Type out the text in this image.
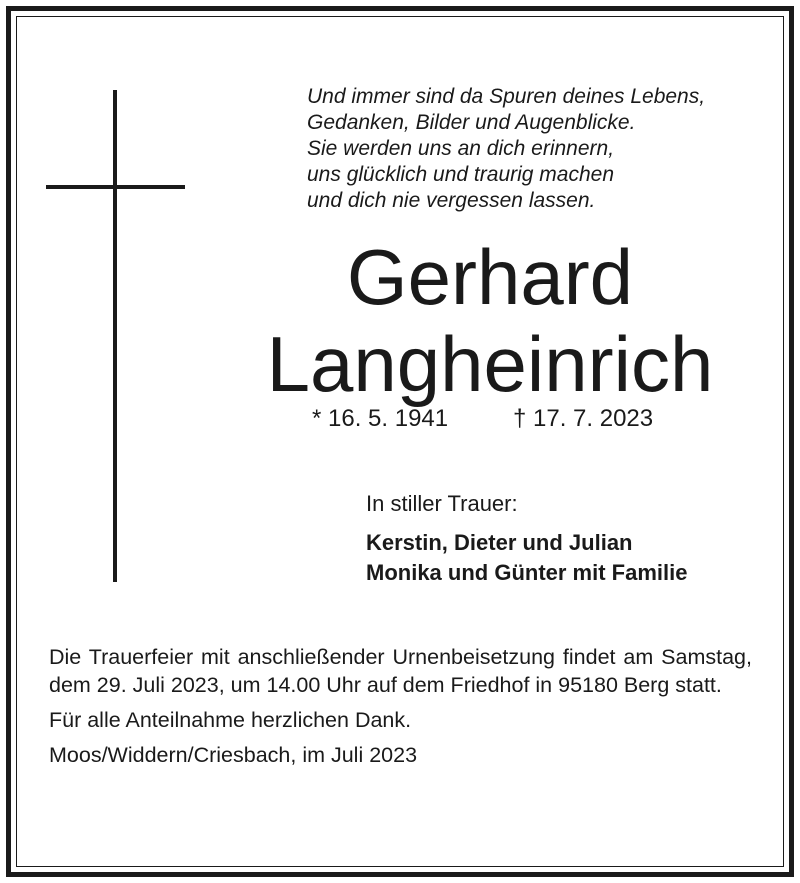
Und immer sind da Spuren deines Lebens,
Gedanken, Bilder und Augenblicke.
Sie werden uns an dich erinnern,
uns glücklich und traurig machen
und dich nie vergessen lassen.
Gerhard
Langheinrich
* 16. 5. 1941	† 17. 7. 2023
In stiller Trauer:
Kerstin, Dieter und Julian
Monika und Günter mit Familie
Die Trauerfeier mit anschließender Urnenbeisetzung findet am Samstag, dem 29. Juli 2023, um 14.00 Uhr auf dem Friedhof in 95180 Berg statt.
Für alle Anteilnahme herzlichen Dank.
Moos/Widdern/Criesbach, im Juli 2023
